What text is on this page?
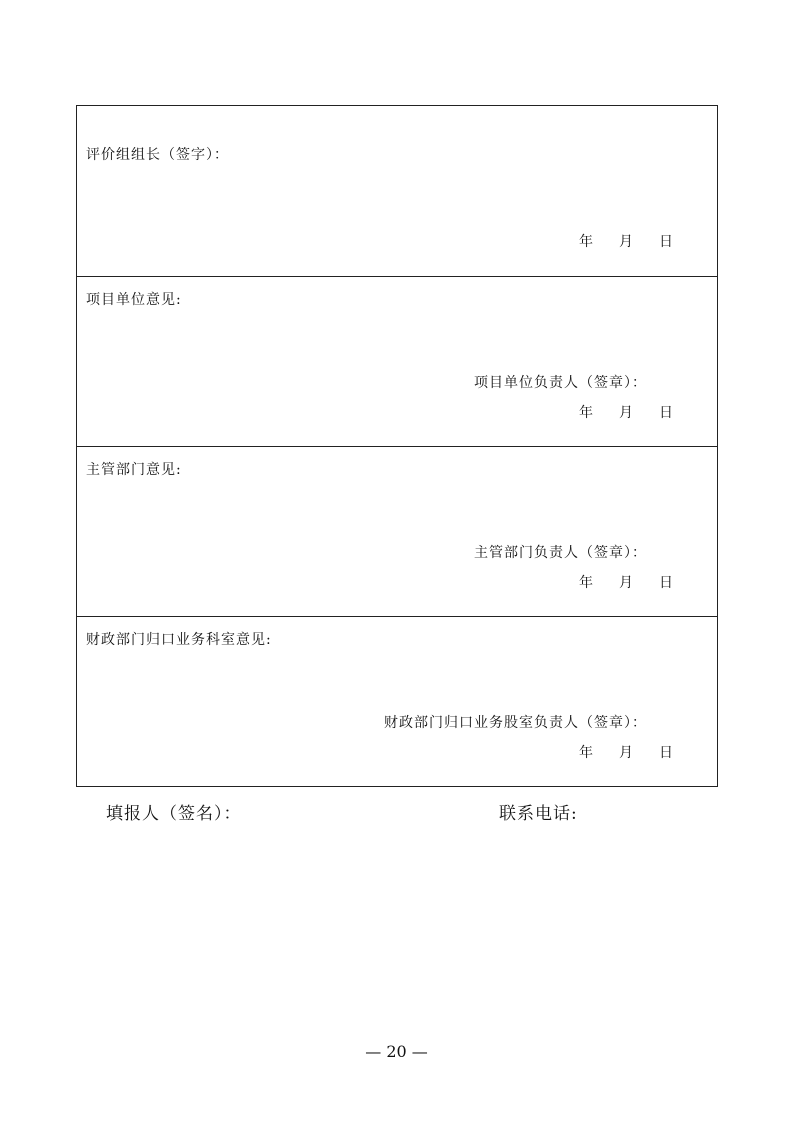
评价组组长（签字）：
年 月 日
项目单位意见:
项目单位负责人（签章）：
年 月 日
主管部门意见:
主管部门负责人（签章）：
年 月 日
财政部门归口业务科室意见:
财政部门归口业务股室负责人（签章）：
年 月 日
填报人（签名）：	联系电话:
— 20 —
